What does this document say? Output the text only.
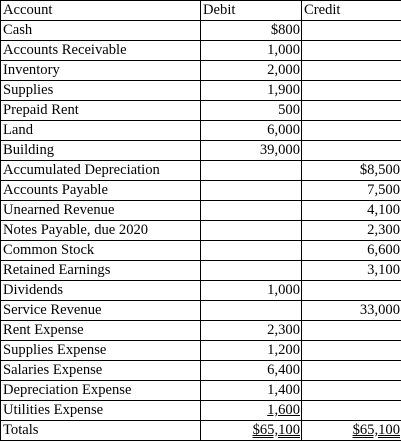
Account	Debit	Credit
Cash	$800	
Accounts Receivable	1,000	
Inventory	2,000	
Supplies	1,900	
Prepaid Rent	500	
Land	6,000	
Building	39,000	
Accumulated Depreciation		$8,500
Accounts Payable		7,500
Unearned Revenue		4,100
Notes Payable, due 2020		2,300
Common Stock		6,600
Retained Earnings		3,100
Dividends	1,000	
Service Revenue		33,000
Rent Expense	2,300	
Supplies Expense	1,200	
Salaries Expense	6,400	
Depreciation Expense	1,400	
Utilities Expense	1,600	
Totals	$65,100	$65,100
